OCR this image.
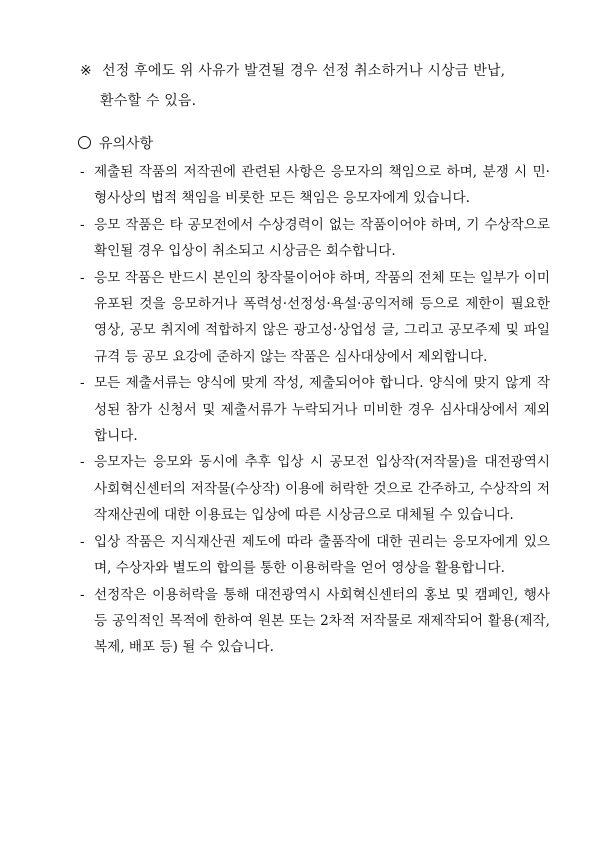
※ 선정 후에도 위 사유가 발견될 경우 선정 취소하거나 시상금 반납,
환수할 수 있음.
유의사항
- 제출된 작품의 저작권에 관련된 사항은 응모자의 책임으로 하며, 분쟁 시 민·형사상의 법적 책임을 비롯한 모든 책임은 응모자에게 있습니다.
- 응모 작품은 타 공모전에서 수상경력이 없는 작품이어야 하며, 기 수상작으로 확인될 경우 입상이 취소되고 시상금은 회수합니다.
- 응모 작품은 반드시 본인의 창작물이어야 하며, 작품의 전체 또는 일부가 이미 유포된 것을 응모하거나 폭력성·선정성·욕설·공익저해 등으로 제한이 필요한 영상, 공모 취지에 적합하지 않은 광고성·상업성 글, 그리고 공모주제 및 파일 규격 등 공모 요강에 준하지 않는 작품은 심사대상에서 제외합니다.
- 모든 제출서류는 양식에 맞게 작성, 제출되어야 합니다. 양식에 맞지 않게 작성된 참가 신청서 및 제출서류가 누락되거나 미비한 경우 심사대상에서 제외합니다.
- 응모자는 응모와 동시에 추후 입상 시 공모전 입상작(저작물)을 대전광역시 사회혁신센터의 저작물(수상작) 이용에 허락한 것으로 간주하고, 수상작의 저작재산권에 대한 이용료는 입상에 따른 시상금으로 대체될 수 있습니다.
- 입상 작품은 지식재산권 제도에 따라 출품작에 대한 권리는 응모자에게 있으며, 수상자와 별도의 합의를 통한 이용허락을 얻어 영상을 활용합니다.
- 선정작은 이용허락을 통해 대전광역시 사회혁신센터의 홍보 및 캠페인, 행사 등 공익적인 목적에 한하여 원본 또는 2차적 저작물로 재제작되어 활용(제작, 복제, 배포 등) 될 수 있습니다.
